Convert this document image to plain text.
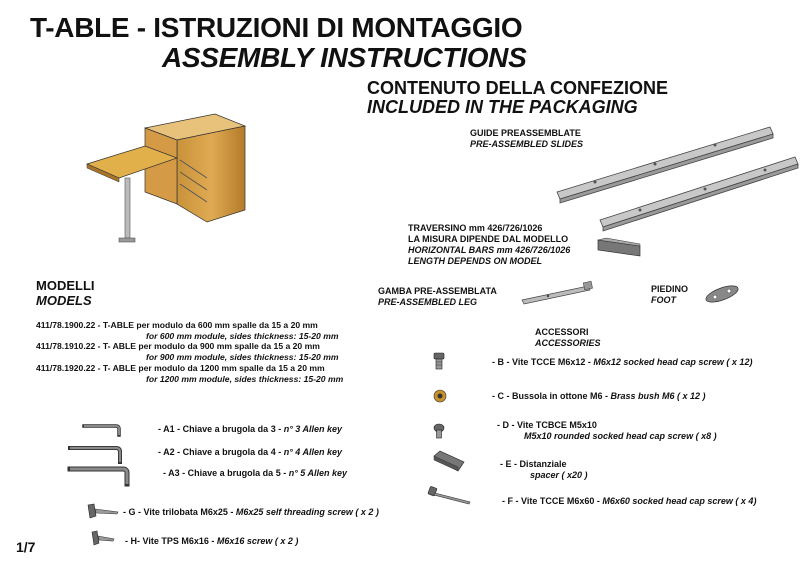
T-ABLE - ISTRUZIONI DI MONTAGGIO
ASSEMBLY INSTRUCTIONS
CONTENUTO DELLA CONFEZIONE
INCLUDED IN THE PACKAGING
GUIDE PREASSEMBLATE
PRE-ASSEMBLED SLIDES
TRAVERSINO mm 426/726/1026
LA MISURA DIPENDE DAL MODELLO
HORIZONTAL BARS mm 426/726/1026
LENGTH DEPENDS ON MODEL
GAMBA PRE-ASSEMBLATA
PRE-ASSEMBLED LEG
PIEDINO
FOOT
MODELLI
MODELS
411/78.1900.22 - T-ABLE per modulo da 600 mm spalle da 15 a 20 mm
for 600 mm module, sides thickness: 15-20 mm
411/78.1910.22 - T- ABLE per modulo da 900 mm spalle da 15 a 20 mm
for 900 mm module, sides thickness: 15-20 mm
411/78.1920.22 - T- ABLE per modulo da 1200 mm spalle da 15 a 20 mm
for 1200 mm module, sides thickness: 15-20 mm
ACCESSORI
ACCESSORIES
- B - Vite TCCE M6x12 - M6x12 socked head cap screw ( x 12)
- C - Bussola in ottone M6 - Brass bush M6 ( x 12 )
- D - Vite TCBCE M5x10
M5x10 rounded socked head cap screw ( x8 )
- E - Distanziale
spacer ( x20 )
- F - Vite TCCE M6x60 - M6x60 socked head cap screw ( x 4)
- A1 - Chiave a brugola da 3 - n° 3 Allen key
- A2 - Chiave a brugola da 4 - n° 4 Allen key
- A3 - Chiave a brugola da 5 - n° 5 Allen key
- G - Vite trilobata M6x25 - M6x25 self threading screw ( x 2 )
- H- Vite TPS M6x16 - M6x16 screw ( x 2 )
1/7
